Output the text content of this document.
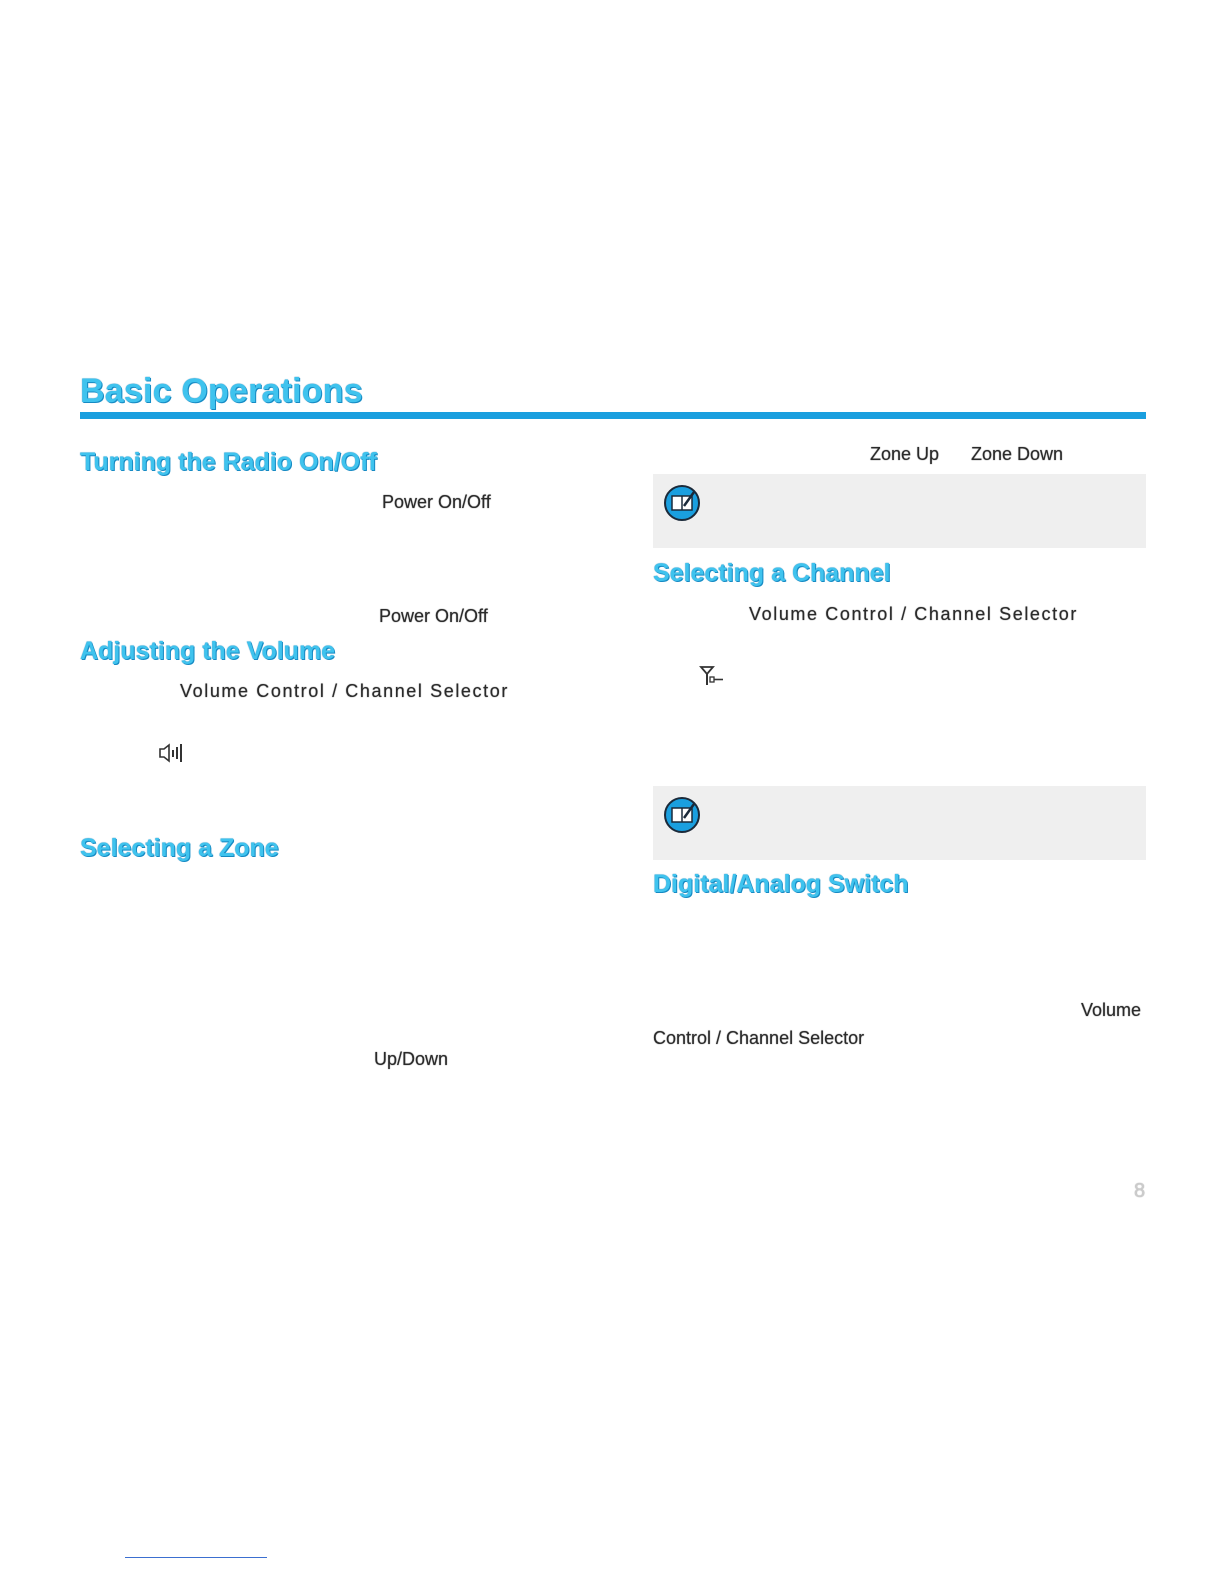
Basic Operations
Turning the Radio On/Off
Power On/Off
Power On/Off
Adjusting the Volume
Volume Control / Channel Selector
Selecting a Zone
Up/Down
Zone Up Zone Down
Selecting a Channel
Volume Control / Channel Selector
Digital/Analog Switch
Volume
Control / Channel Selector
8
